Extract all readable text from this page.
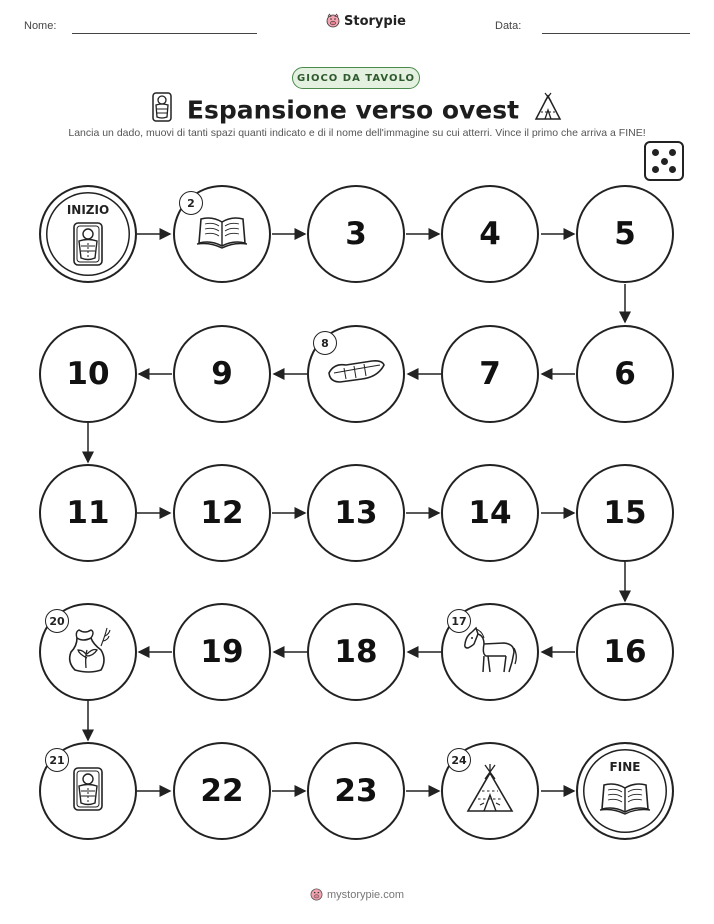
Nome:	Storypie	Data:
GIOCO DA TAVOLO
Espansione verso ovest
Lancia un dado, muovi di tanti spazi quanti indicato e di il nome dell'immagine su cui atterri. Vince il primo che arriva a FINE!
INIZIO	2
3	4	5
6
7
8
9
10
11	12	13	14	15
16
17
18
19
20
21
22	23
24	FINE
mystorypie.com
